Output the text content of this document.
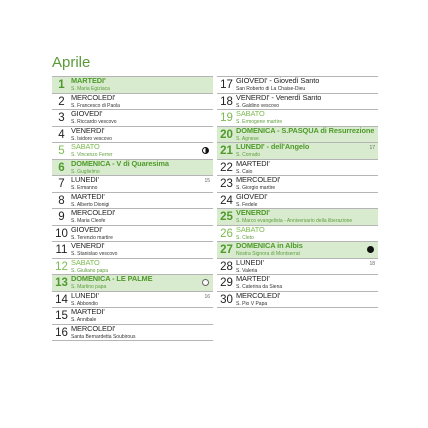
Aprile
1 MARTEDI'
S. Maria Egiziaca
2 MERCOLEDI'
S. Francesco di Paola
3 GIOVEDI'
S. Riccardo vescovo
4 VENERDI'
S. Isidoro vescovo
5 SABATO
S. Vincenzo Ferrer
6 DOMENICA - V di Quaresima
S. Guglielmo
7 LUNEDI'
S. Ermanno
15
8 MARTEDI'
S. Alberto Dionigi
9 MERCOLEDI'
S. Maria Cleofe
10 GIOVEDI'
S. Terenzio martire
11 VENERDI'
S. Stanislao vescovo
12 SABATO
S. Giuliano papa
13 DOMENICA - LE PALME
S. Martino papa
14 LUNEDI'
S. Abbondio
16
15 MARTEDI'
S. Annibale
16 MERCOLEDI'
Santa Bernardetta Soubirous
17 GIOVEDI' - Giovedì Santo
San Roberto di La Chaise-Dieu
18 VENERDI' - Venerdì Santo
S. Galdino vescovo
19 SABATO
S. Ermogene martire
20 DOMENICA - S.PASQUA di Resurrezione
S. Agnese
21 LUNEDI' - dell'Angelo
S. Corrado
17
22 MARTEDI'
S. Caio
23 MERCOLEDI'
S. Giorgio martire
24 GIOVEDI'
S. Fedele
25 VENERDI'
S. Marco evangelista - Anniversario della liberazione
26 SABATO
S. Cleto
27 DOMENICA in Albis
Nostra Signora di Montserrat
28 LUNEDI'
S. Valeria
18
29 MARTEDI'
S. Caterina da Siena
30 MERCOLEDI'
S. Pio V Papa
